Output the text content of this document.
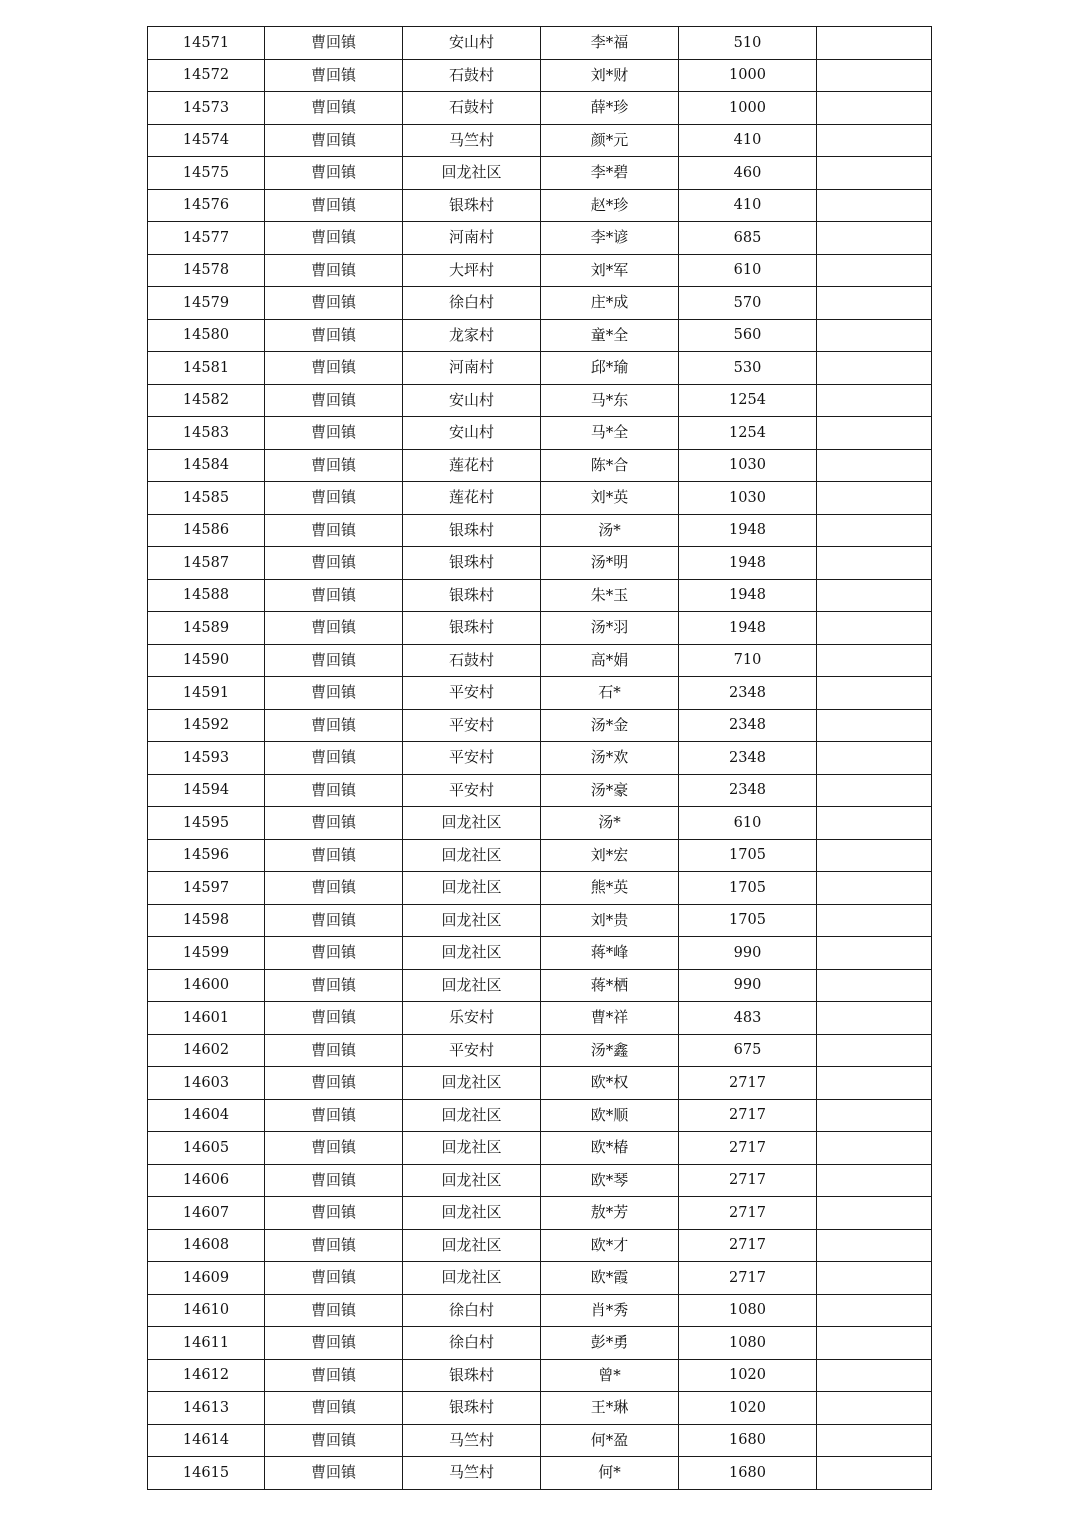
14571	曹回镇	安山村	李*福	510	
14572	曹回镇	石鼓村	刘*财	1000	
14573	曹回镇	石鼓村	薛*珍	1000	
14574	曹回镇	马竺村	颜*元	410	
14575	曹回镇	回龙社区	李*碧	460	
14576	曹回镇	银珠村	赵*珍	410	
14577	曹回镇	河南村	李*谚	685	
14578	曹回镇	大坪村	刘*军	610	
14579	曹回镇	徐白村	庄*成	570	
14580	曹回镇	龙家村	童*全	560	
14581	曹回镇	河南村	邱*瑜	530	
14582	曹回镇	安山村	马*东	1254	
14583	曹回镇	安山村	马*全	1254	
14584	曹回镇	莲花村	陈*合	1030	
14585	曹回镇	莲花村	刘*英	1030	
14586	曹回镇	银珠村	汤*	1948	
14587	曹回镇	银珠村	汤*明	1948	
14588	曹回镇	银珠村	朱*玉	1948	
14589	曹回镇	银珠村	汤*羽	1948	
14590	曹回镇	石鼓村	高*娟	710	
14591	曹回镇	平安村	石*	2348	
14592	曹回镇	平安村	汤*金	2348	
14593	曹回镇	平安村	汤*欢	2348	
14594	曹回镇	平安村	汤*豪	2348	
14595	曹回镇	回龙社区	汤*	610	
14596	曹回镇	回龙社区	刘*宏	1705	
14597	曹回镇	回龙社区	熊*英	1705	
14598	曹回镇	回龙社区	刘*贵	1705	
14599	曹回镇	回龙社区	蒋*峰	990	
14600	曹回镇	回龙社区	蒋*栖	990	
14601	曹回镇	乐安村	曹*祥	483	
14602	曹回镇	平安村	汤*鑫	675	
14603	曹回镇	回龙社区	欧*权	2717	
14604	曹回镇	回龙社区	欧*顺	2717	
14605	曹回镇	回龙社区	欧*椿	2717	
14606	曹回镇	回龙社区	欧*琴	2717	
14607	曹回镇	回龙社区	敖*芳	2717	
14608	曹回镇	回龙社区	欧*才	2717	
14609	曹回镇	回龙社区	欧*霞	2717	
14610	曹回镇	徐白村	肖*秀	1080	
14611	曹回镇	徐白村	彭*勇	1080	
14612	曹回镇	银珠村	曾*	1020	
14613	曹回镇	银珠村	王*琳	1020	
14614	曹回镇	马竺村	何*盈	1680	
14615	曹回镇	马竺村	何*	1680	
